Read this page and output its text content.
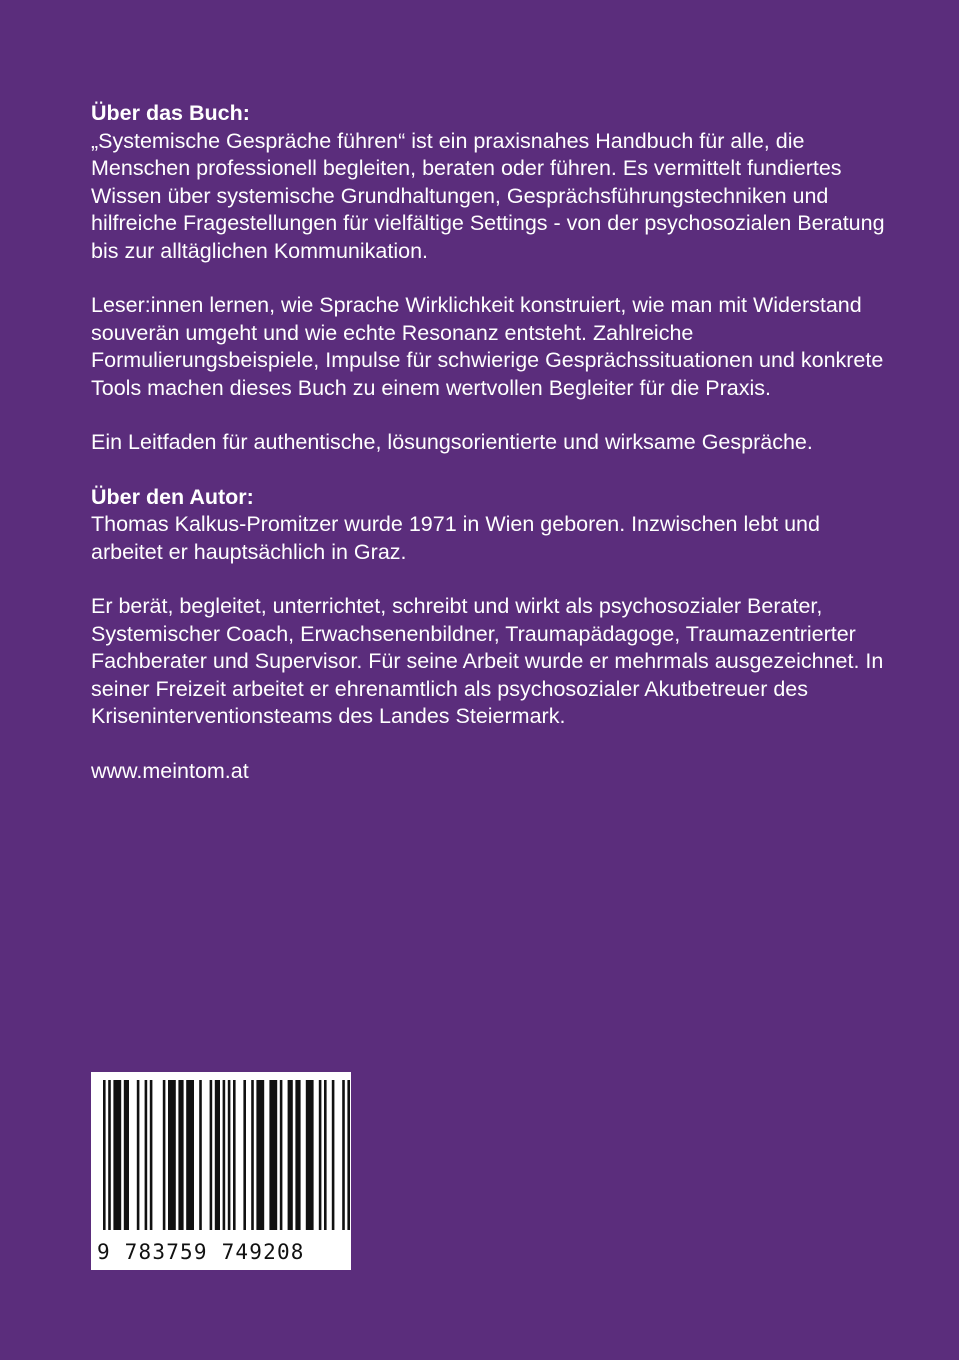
Über das Buch:

„Systemische Gespräche führen“ ist ein praxisnahes Handbuch für alle, die Menschen professionell begleiten, beraten oder führen. Es vermittelt fundiertes Wissen über systemische Grundhaltungen, Gesprächsführungstechniken und hilfreiche Fragestellungen für vielfältige Settings - von der psychosozialen Beratung bis zur alltäglichen Kommunikation.

Leser:innen lernen, wie Sprache Wirklichkeit konstruiert, wie man mit Widerstand souverän umgeht und wie echte Resonanz entsteht. Zahlreiche Formulierungsbeispiele, Impulse für schwierige Gesprächssituationen und konkrete Tools machen dieses Buch zu einem wertvollen Begleiter für die Praxis.

Ein Leitfaden für authentische, lösungsorientierte und wirksame Gespräche.

Über den Autor:

Thomas Kalkus-Promitzer wurde 1971 in Wien geboren. Inzwischen lebt und arbeitet er hauptsächlich in Graz.

Er berät, begleitet, unterrichtet, schreibt und wirkt als psychosozialer Berater, Systemischer Coach, Erwachsenenbildner, Traumapädagoge, Traumazentrierter Fachberater und Supervisor. Für seine Arbeit wurde er mehrmals ausgezeichnet. In seiner Freizeit arbeitet er ehrenamtlich als psychosozialer Akutbetreuer des Kriseninterventionsteams des Landes Steiermark.

www.meintom.at

9 783759 749208
